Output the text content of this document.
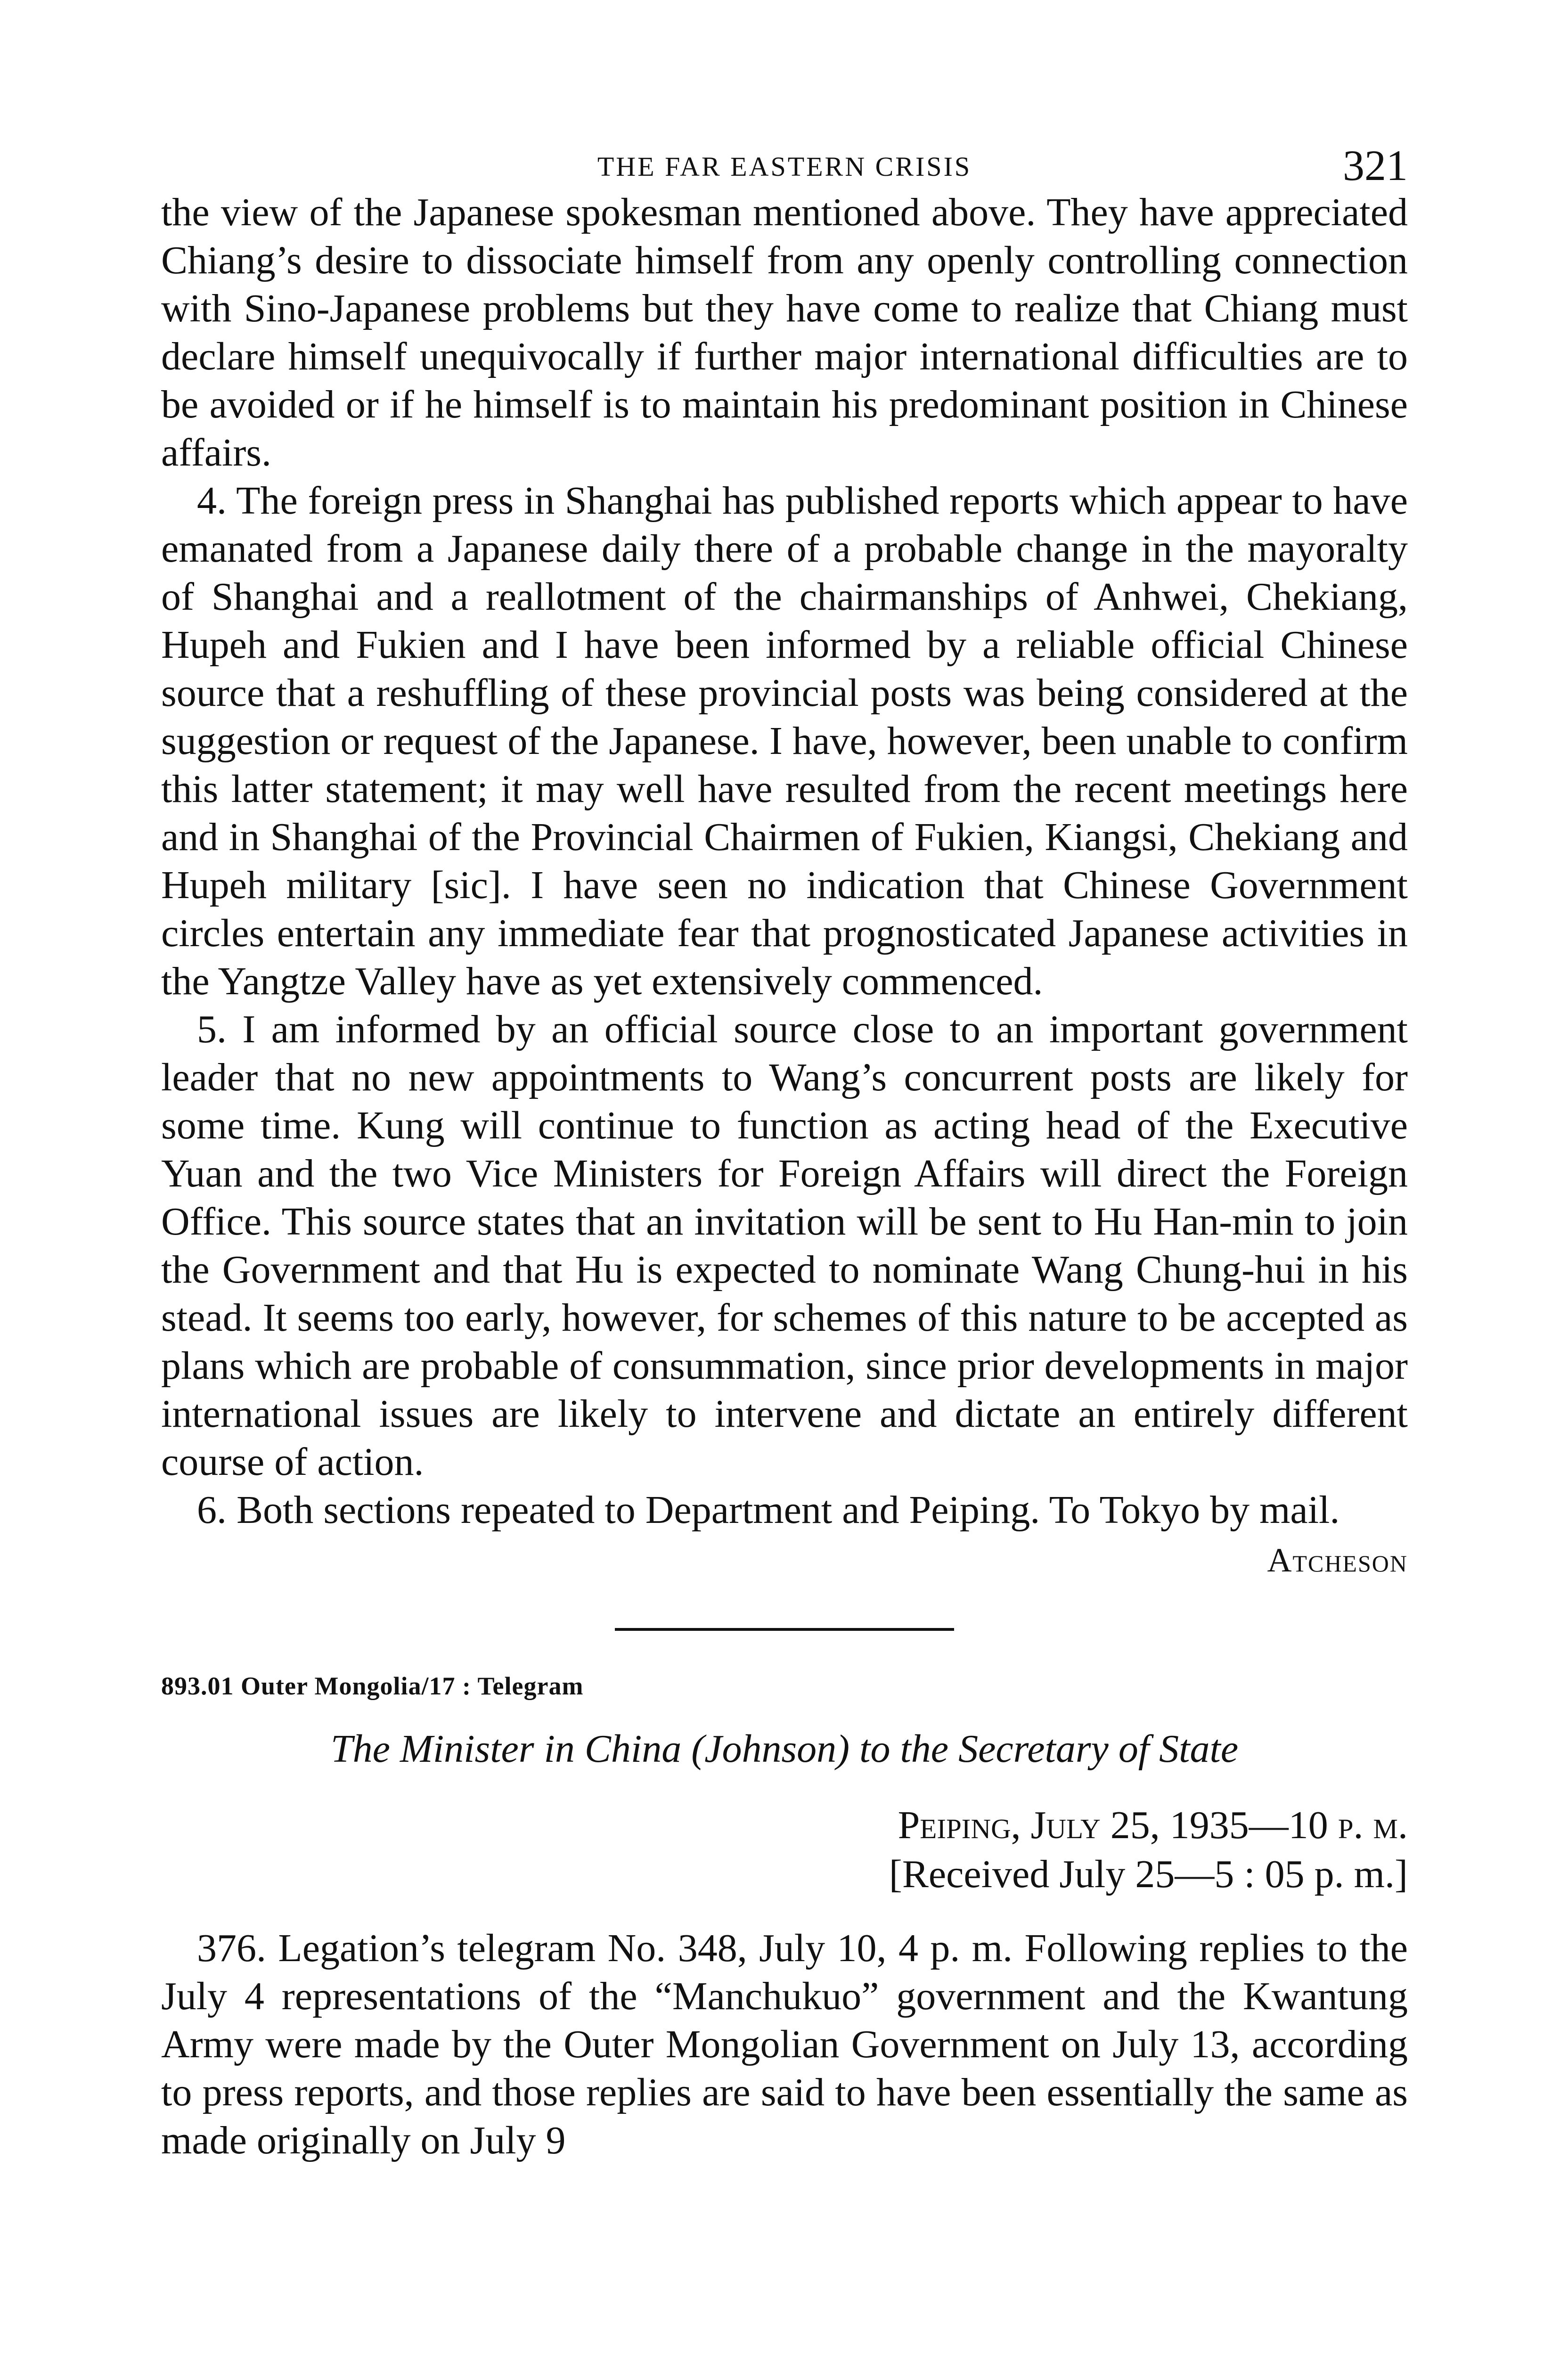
THE FAR EASTERN CRISIS	321

the view of the Japanese spokesman mentioned above. They have appreciated Chiang’s desire to dissociate himself from any openly controlling connection with Sino-Japanese problems but they have come to realize that Chiang must declare himself unequivocally if further major international difficulties are to be avoided or if he himself is to maintain his predominant position in Chinese affairs.

4. The foreign press in Shanghai has published reports which appear to have emanated from a Japanese daily there of a probable change in the mayoralty of Shanghai and a reallotment of the chairmanships of Anhwei, Chekiang, Hupeh and Fukien and I have been informed by a reliable official Chinese source that a reshuffling of these provincial posts was being considered at the suggestion or request of the Japanese. I have, however, been unable to confirm this latter statement; it may well have resulted from the recent meetings here and in Shanghai of the Provincial Chairmen of Fukien, Kiangsi, Chekiang and Hupeh military [sic]. I have seen no indication that Chinese Government circles entertain any immediate fear that prognosticated Japanese activities in the Yangtze Valley have as yet extensively commenced.

5. I am informed by an official source close to an important government leader that no new appointments to Wang’s concurrent posts are likely for some time. Kung will continue to function as acting head of the Executive Yuan and the two Vice Ministers for Foreign Affairs will direct the Foreign Office. This source states that an invitation will be sent to Hu Han-min to join the Government and that Hu is expected to nominate Wang Chung-hui in his stead. It seems too early, however, for schemes of this nature to be accepted as plans which are probable of consummation, since prior developments in major international issues are likely to intervene and dictate an entirely different course of action.

6. Both sections repeated to Department and Peiping. To Tokyo by mail.

Atcheson
893.01 Outer Mongolia/17 : Telegram
The Minister in China (Johnson) to the Secretary of State
Peiping, July 25, 1935—10 p. m.
[Received July 25—5 : 05 p. m.]

376. Legation’s telegram No. 348, July 10, 4 p. m. Following replies to the July 4 representations of the “Manchukuo” government and the Kwantung Army were made by the Outer Mongolian Government on July 13, according to press reports, and those replies are said to have been essentially the same as made originally on July 9
